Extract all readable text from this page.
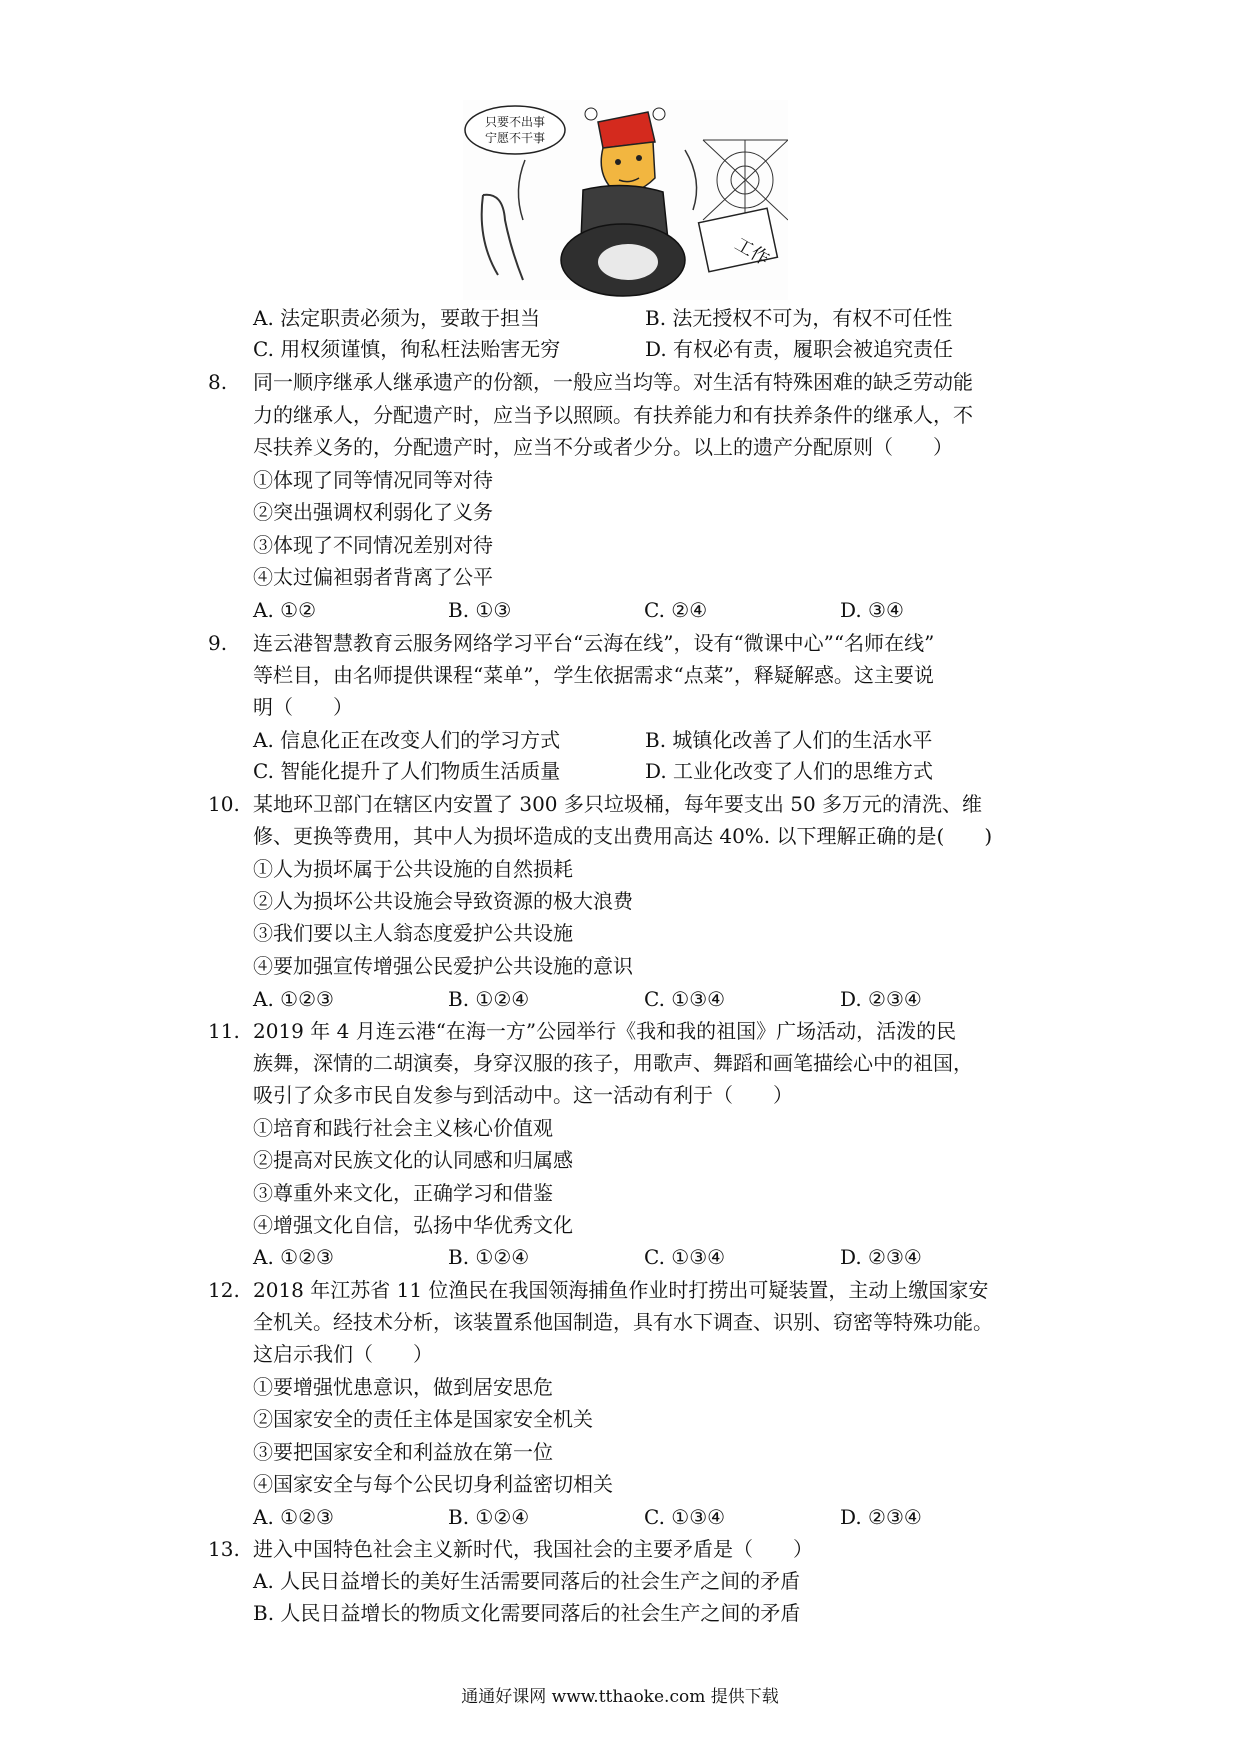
只要不出事
宁愿不干事
工作
A. 法定职责必须为，要敢于担当	B. 法无授权不可为，有权不可任性
C. 用权须谨慎，徇私枉法贻害无穷	D. 有权必有责，履职会被追究责任
8. 同一顺序继承人继承遗产的份额，一般应当均等。对生活有特殊困难的缺乏劳动能
力的继承人，分配遗产时，应当予以照顾。有扶养能力和有扶养条件的继承人，不
尽扶养义务的，分配遗产时，应当不分或者少分。以上的遗产分配原则（　　）
①体现了同等情况同等对待
②突出强调权利弱化了义务
③体现了不同情况差别对待
④太过偏袒弱者背离了公平
A. ①②	B. ①③	C. ②④	D. ③④
9. 连云港智慧教育云服务网络学习平台“云海在线”，设有“微课中心”“名师在线”
等栏目，由名师提供课程“菜单”，学生依据需求“点菜”，释疑解惑。这主要说
明（　　）
A. 信息化正在改变人们的学习方式	B. 城镇化改善了人们的生活水平
C. 智能化提升了人们物质生活质量	D. 工业化改变了人们的思维方式
10. 某地环卫部门在辖区内安置了 300 多只垃圾桶，每年要支出 50 多万元的清洗、维
修、更换等费用，其中人为损坏造成的支出费用高达 40%. 以下理解正确的是(　　)
①人为损坏属于公共设施的自然损耗
②人为损坏公共设施会导致资源的极大浪费
③我们要以主人翁态度爱护公共设施
④要加强宣传增强公民爱护公共设施的意识
A. ①②③	B. ①②④	C. ①③④	D. ②③④
11. 2019 年 4 月连云港“在海一方”公园举行《我和我的祖国》广场活动，活泼的民
族舞，深情的二胡演奏，身穿汉服的孩子，用歌声、舞蹈和画笔描绘心中的祖国，
吸引了众多市民自发参与到活动中。这一活动有利于（　　）
①培育和践行社会主义核心价值观
②提高对民族文化的认同感和归属感
③尊重外来文化，正确学习和借鉴
④增强文化自信，弘扬中华优秀文化
A. ①②③	B. ①②④	C. ①③④	D. ②③④
12. 2018 年江苏省 11 位渔民在我国领海捕鱼作业时打捞出可疑装置，主动上缴国家安
全机关。经技术分析，该装置系他国制造，具有水下调查、识别、窃密等特殊功能。
这启示我们（　　）
①要增强忧患意识，做到居安思危
②国家安全的责任主体是国家安全机关
③要把国家安全和利益放在第一位
④国家安全与每个公民切身利益密切相关
A. ①②③	B. ①②④	C. ①③④	D. ②③④
13. 进入中国特色社会主义新时代，我国社会的主要矛盾是（　　）
A. 人民日益增长的美好生活需要同落后的社会生产之间的矛盾
B. 人民日益增长的物质文化需要同落后的社会生产之间的矛盾
通通好课网 www.tthaoke.com 提供下载
